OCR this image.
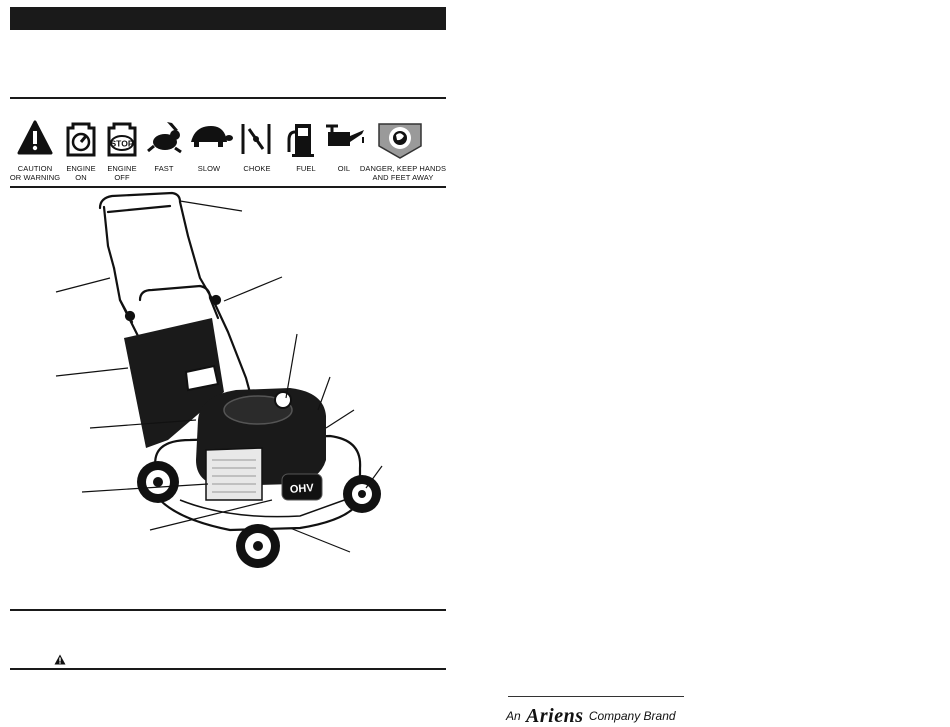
STOP
CAUTION
OR WARNING
ENGINE
ON
ENGINE
OFF
FAST	SLOW	CHOKE	FUEL	OIL	DANGER, KEEP HANDS
AND FEET AWAY
OHV
An Ariens Company Brand
